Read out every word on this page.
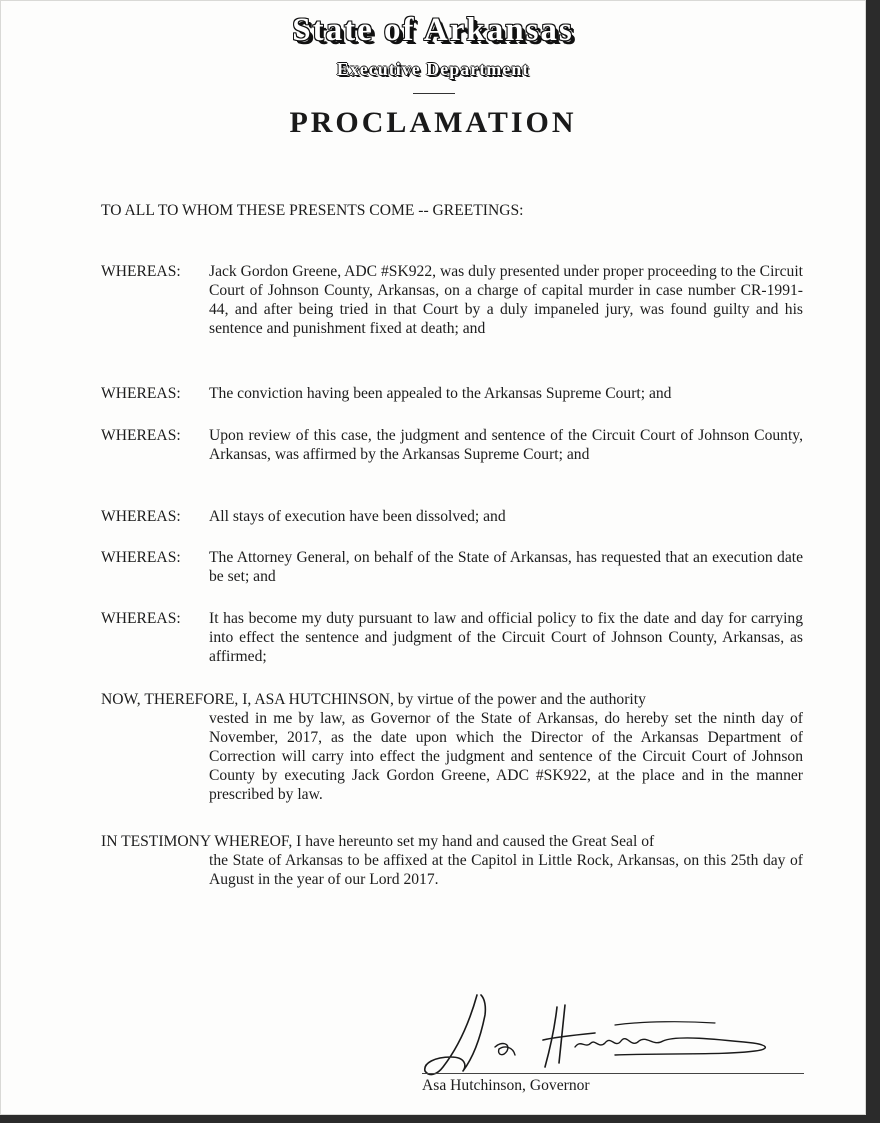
State of Arkansas
Executive Department
PROCLAMATION
TO ALL TO WHOM THESE PRESENTS COME -- GREETINGS:
WHEREAS:	Jack Gordon Greene, ADC #SK922, was duly presented under proper proceeding to the Circuit Court of Johnson County, Arkansas, on a charge of capital murder in case number CR-1991-44, and after being tried in that Court by a duly impaneled jury, was found guilty and his sentence and punishment fixed at death; and
WHEREAS:	The conviction having been appealed to the Arkansas Supreme Court; and
WHEREAS:	Upon review of this case, the judgment and sentence of the Circuit Court of Johnson County, Arkansas, was affirmed by the Arkansas Supreme Court; and
WHEREAS:	All stays of execution have been dissolved; and
WHEREAS:	The Attorney General, on behalf of the State of Arkansas, has requested that an execution date be set; and
WHEREAS:	It has become my duty pursuant to law and official policy to fix the date and day for carrying into effect the sentence and judgment of the Circuit Court of Johnson County, Arkansas, as affirmed;
NOW, THEREFORE, I, ASA HUTCHINSON, by virtue of the power and the authority
vested in me by law, as Governor of the State of Arkansas, do hereby set the ninth day of November, 2017, as the date upon which the Director of the Arkansas Department of Correction will carry into effect the judgment and sentence of the Circuit Court of Johnson County by executing Jack Gordon Greene, ADC #SK922, at the place and in the manner prescribed by law.
IN TESTIMONY WHEREOF, I have hereunto set my hand and caused the Great Seal of
the State of Arkansas to be affixed at the Capitol in Little Rock, Arkansas, on this 25th day of August in the year of our Lord 2017.
Asa Hutchinson, Governor
